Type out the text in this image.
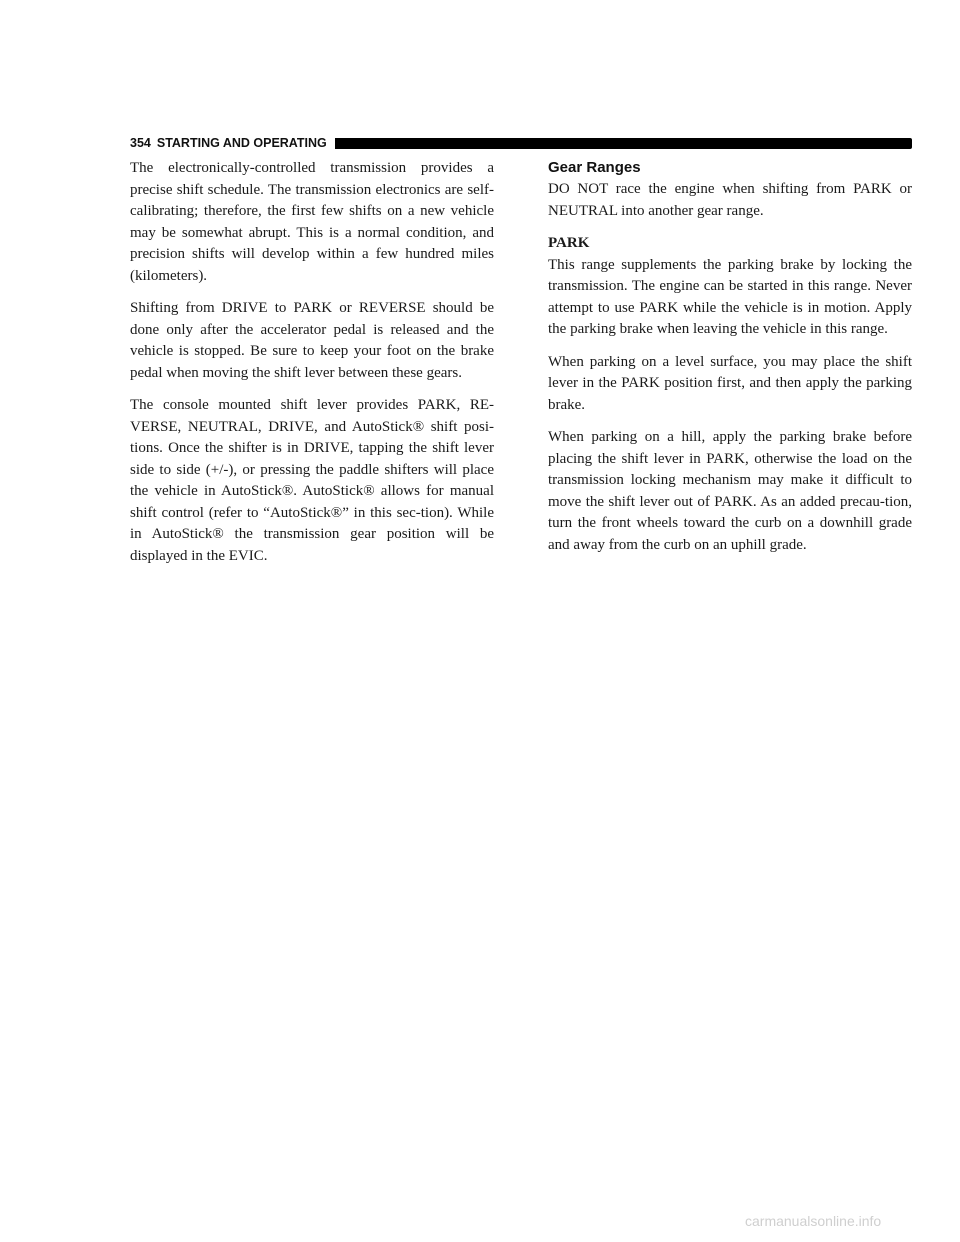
354 STARTING AND OPERATING

The electronically-controlled transmission provides a precise shift schedule. The transmission electronics are self-calibrating; therefore, the first few shifts on a new vehicle may be somewhat abrupt. This is a normal condition, and precision shifts will develop within a few hundred miles (kilometers).

Shifting from DRIVE to PARK or REVERSE should be done only after the accelerator pedal is released and the vehicle is stopped. Be sure to keep your foot on the brake pedal when moving the shift lever between these gears.

The console mounted shift lever provides PARK, RE-VERSE, NEUTRAL, DRIVE, and AutoStick® shift posi-tions. Once the shifter is in DRIVE, tapping the shift lever side to side (+/-), or pressing the paddle shifters will place the vehicle in AutoStick®. AutoStick® allows for manual shift control (refer to “AutoStick®” in this sec-tion). While in AutoStick® the transmission gear position will be displayed in the EVIC.

Gear Ranges

DO NOT race the engine when shifting from PARK or NEUTRAL into another gear range.

PARK

This range supplements the parking brake by locking the transmission. The engine can be started in this range. Never attempt to use PARK while the vehicle is in motion. Apply the parking brake when leaving the vehicle in this range.

When parking on a level surface, you may place the shift lever in the PARK position first, and then apply the parking brake.

When parking on a hill, apply the parking brake before placing the shift lever in PARK, otherwise the load on the transmission locking mechanism may make it difficult to move the shift lever out of PARK. As an added precau-tion, turn the front wheels toward the curb on a downhill grade and away from the curb on an uphill grade.

carmanualsonline.info
